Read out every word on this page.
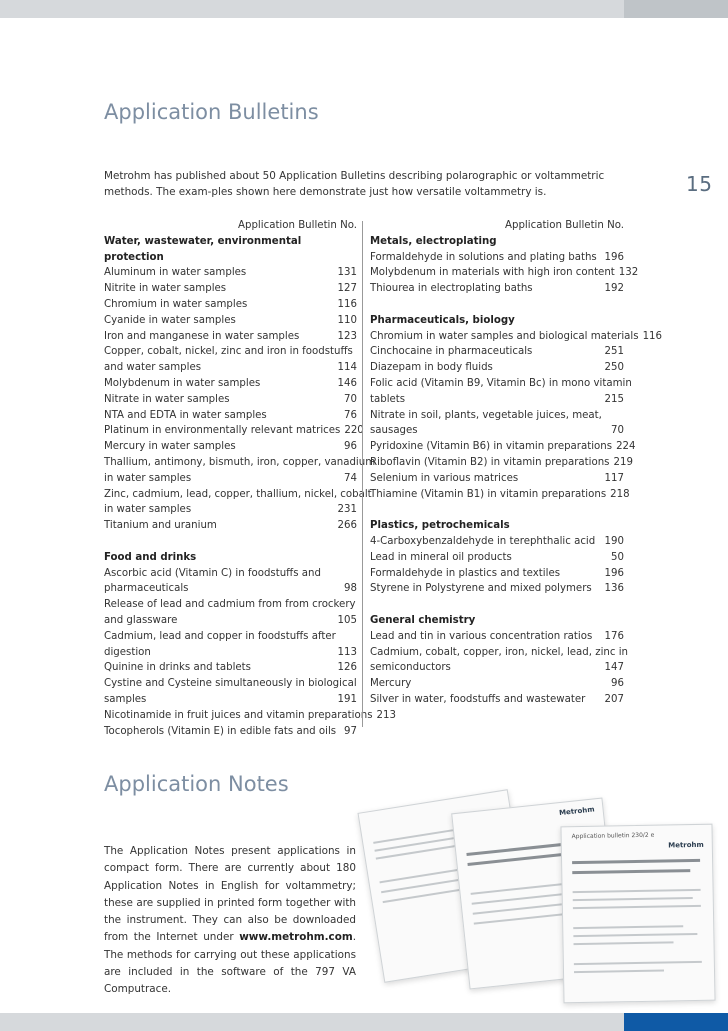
15
Application Bulletins
Metrohm has published about 50 Application Bulletins describing polarographic or voltammetric methods. The exam-ples shown here demonstrate just how versatile voltammetry is.
Application Bulletin No.
Water, wastewater, environmental protection
Aluminum in water samples	131
Nitrite in water samples	127
Chromium in water samples	116
Cyanide in water samples	110
Iron and manganese in water samples	123
Copper, cobalt, nickel, zinc and iron in foodstuffs
and water samples	114
Molybdenum in water samples	146
Nitrate in water samples	70
NTA and EDTA in water samples	76
Platinum in environmentally relevant matrices 220
Mercury in water samples	96
Thallium, antimony, bismuth, iron, copper, vanadium
in water samples	74
Zinc, cadmium, lead, copper, thallium, nickel, cobalt
in water samples	231
Titanium and uranium	266
Food and drinks
Ascorbic acid (Vitamin C) in foodstuffs and
pharmaceuticals	98
Release of lead and cadmium from from crockery
and glassware	105
Cadmium, lead and copper in foodstuffs after
digestion	113
Quinine in drinks and tablets	126
Cystine and Cysteine simultaneously in biological
samples	191
Nicotinamide in fruit juices and vitamin preparations 213
Tocopherols (Vitamin E) in edible fats and oils 97
Application Bulletin No.
Metals, electroplating
Formaldehyde in solutions and plating baths 196
Molybdenum in materials with high iron content 132
Thiourea in electroplating baths	192
Pharmaceuticals, biology
Chromium in water samples and biological materials 116
Cinchocaine in pharmaceuticals	251
Diazepam in body fluids	250
Folic acid (Vitamin B9, Vitamin Bc) in mono vitamin
tablets	215
Nitrate in soil, plants, vegetable juices, meat,
sausages	70
Pyridoxine (Vitamin B6) in vitamin preparations 224
Riboflavin (Vitamin B2) in vitamin preparations 219
Selenium in various matrices	117
Thiamine (Vitamin B1) in vitamin preparations 218
Plastics, petrochemicals
4-Carboxybenzaldehyde in terephthalic acid 190
Lead in mineral oil products	50
Formaldehyde in plastics and textiles	196
Styrene in Polystyrene and mixed polymers 136
General chemistry
Lead and tin in various concentration ratios 176
Cadmium, cobalt, copper, iron, nickel, lead, zinc in
semiconductors	147
Mercury	96
Silver in water, foodstuffs and wastewater 207
Application Notes
The Application Notes present applications in compact form. There are currently about 180 Application Notes in English for voltammetry; these are supplied in printed form together with the instrument. They can also be downloaded from the Internet under www.metrohm.com. The methods for carrying out these applications are included in the software of the 797 VA Computrace.
Metrohm
Application bulletin 230/2 e
Metrohm
